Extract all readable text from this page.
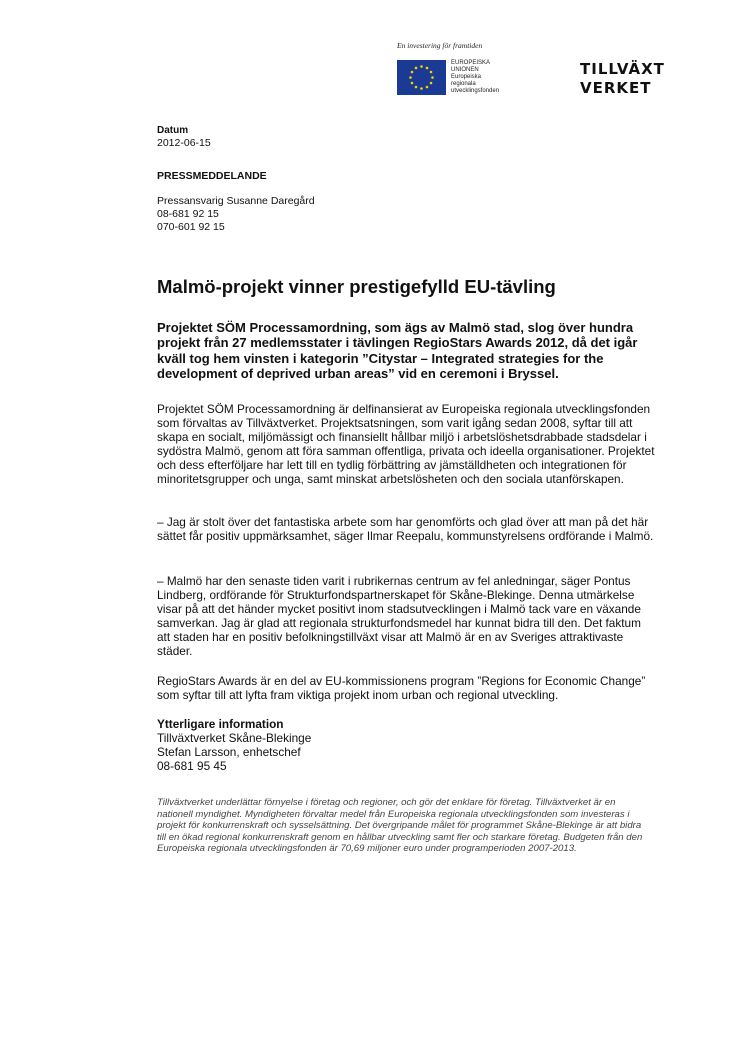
En investering för framtiden
EUROPEISKA
UNIONEN
Europeiska
regionala
utvecklingsfonden
TILLVÄXT
VERKET
Datum
2012-06-15
PRESSMEDDELANDE
Pressansvarig Susanne Daregård
08-681 92 15
070-601 92 15
Malmö-projekt vinner prestigefylld EU-tävling
Projektet SÖM Processamordning, som ägs av Malmö stad, slog över hundra projekt från 27 medlemsstater i tävlingen RegioStars Awards 2012, då det igår kväll tog hem vinsten i kategorin ”Citystar – Integrated strategies for the development of deprived urban areas” vid en ceremoni i Bryssel.

Projektet SÖM Processamordning är delfinansierat av Europeiska regionala utvecklingsfonden som förvaltas av Tillväxtverket. Projektsatsningen, som varit igång sedan 2008, syftar till att skapa en socialt, miljömässigt och finansiellt hållbar miljö i arbetslöshetsdrabbade stadsdelar i sydöstra Malmö, genom att föra samman offentliga, privata och ideella organisationer. Projektet och dess efterföljare har lett till en tydlig förbättring av jämställdheten och integrationen för minoritetsgrupper och unga, samt minskat arbetslösheten och den sociala utanförskapen.

– Jag är stolt över det fantastiska arbete som har genomförts och glad över att man på det här sättet får positiv uppmärksamhet, säger Ilmar Reepalu, kommunstyrelsens ordförande i Malmö.

– Malmö har den senaste tiden varit i rubrikernas centrum av fel anledningar, säger Pontus Lindberg, ordförande för Strukturfondspartnerskapet för Skåne-Blekinge. Denna utmärkelse visar på att det händer mycket positivt inom stadsutvecklingen i Malmö tack vare en växande samverkan. Jag är glad att regionala strukturfondsmedel har kunnat bidra till den. Det faktum att staden har en positiv befolkningstillväxt visar att Malmö är en av Sveriges attraktivaste städer.

RegioStars Awards är en del av EU-kommissionens program ”Regions for Economic Change” som syftar till att lyfta fram viktiga projekt inom urban och regional utveckling.

Ytterligare information
Tillväxtverket Skåne-Blekinge
Stefan Larsson, enhetschef
08-681 95 45
Tillväxtverket underlättar förnyelse i företag och regioner, och gör det enklare för företag. Tillväxtverket är en nationell myndighet. Myndigheten förvaltar medel från Europeiska regionala utvecklingsfonden som investeras i projekt för konkurrenskraft och sysselsättning. Det övergripande målet för programmet Skåne-Blekinge är att bidra till en ökad regional konkurrenskraft genom en hållbar utveckling samt fler och starkare företag. Budgeten från den Europeiska regionala utvecklingsfonden är 70,69 miljoner euro under programperioden 2007-2013.
